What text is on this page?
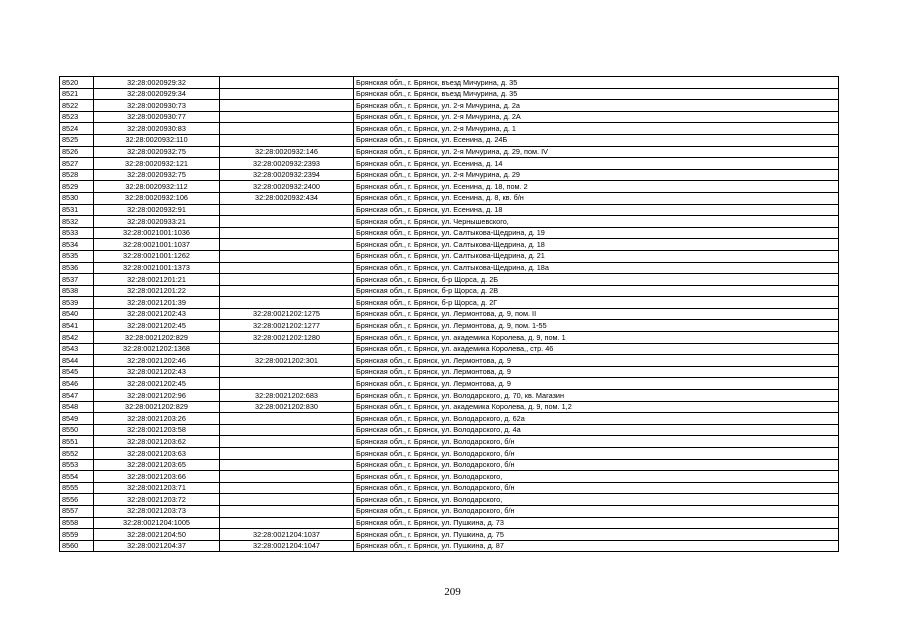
8520	32:28:0020929:32		Брянская обл., г. Брянск, въезд Мичурина, д. 35
8521	32:28:0020929:34		Брянская обл., г. Брянск, въезд Мичурина, д. 35
8522	32:28:0020930:73		Брянская обл., г. Брянск, ул. 2-я Мичурина, д. 2а
8523	32:28:0020930:77		Брянская обл., г. Брянск, ул. 2-я Мичурина, д. 2А
8524	32:28:0020930:83		Брянская обл., г. Брянск, ул. 2-я Мичурина, д. 1
8525	32:28:0020932:110		Брянская обл., г. Брянск, ул. Есенина, д. 24Б
8526	32:28:0020932:75	32:28:0020932:146	Брянская обл., г. Брянск, ул. 2-я Мичурина, д. 29, пом. IV
8527	32:28:0020932:121	32:28:0020932:2393	Брянская обл., г. Брянск, ул. Есенина, д. 14
8528	32:28:0020932:75	32:28:0020932:2394	Брянская обл., г. Брянск, ул. 2-я Мичурина, д. 29
8529	32:28:0020932:112	32:28:0020932:2400	Брянская обл., г. Брянск, ул. Есенина, д. 18, пом. 2
8530	32:28:0020932:106	32:28:0020932:434	Брянская обл., г. Брянск, ул. Есенина, д. 8, кв. б/н
8531	32:28:0020932:91		Брянская обл., г. Брянск, ул. Есенина, д. 18
8532	32:28:0020933:21		Брянская обл., г. Брянск, ул. Чернышевского,
8533	32:28:0021001:1036		Брянская обл., г. Брянск, ул. Салтыкова-Щедрина, д. 19
8534	32:28:0021001:1037		Брянская обл., г. Брянск, ул. Салтыкова-Щедрина, д. 18
8535	32:28:0021001:1262		Брянская обл., г. Брянск, ул. Салтыкова-Щедрина, д. 21
8536	32:28:0021001:1373		Брянская обл., г. Брянск, ул. Салтыкова-Щедрина, д. 18а
8537	32:28:0021201:21		Брянская обл., г. Брянск, б-р Щорса, д. 2Б
8538	32:28:0021201:22		Брянская обл., г. Брянск, б-р Щорса, д. 2В
8539	32:28:0021201:39		Брянская обл., г. Брянск, б-р Щорса, д. 2Г
8540	32:28:0021202:43	32:28:0021202:1275	Брянская обл., г. Брянск, ул. Лермонтова, д. 9, пом. II
8541	32:28:0021202:45	32:28:0021202:1277	Брянская обл., г. Брянск, ул. Лермонтова, д. 9, пом. 1-55
8542	32:28:0021202:829	32:28:0021202:1280	Брянская обл., г. Брянск, ул. академика Королева, д. 9, пом. 1
8543	32:28:0021202:1368		Брянская обл., г. Брянск, ул. академика Королева,, стр. 46
8544	32:28:0021202:46	32:28:0021202:301	Брянская обл., г. Брянск, ул. Лермонтова, д. 9
8545	32:28:0021202:43		Брянская обл., г. Брянск, ул. Лермонтова, д. 9
8546	32:28:0021202:45		Брянская обл., г. Брянск, ул. Лермонтова, д. 9
8547	32:28:0021202:96	32:28:0021202:683	Брянская обл., г. Брянск, ул. Володарского, д. 70, кв. Магазин
8548	32:28:0021202:829	32:28:0021202:830	Брянская обл., г. Брянск, ул. академика Королева, д. 9, пом. 1,2
8549	32:28:0021203:26		Брянская обл., г. Брянск, ул. Володарского, д. 62а
8550	32:28:0021203:58		Брянская обл., г. Брянск, ул. Володарского, д. 4а
8551	32:28:0021203:62		Брянская обл., г. Брянск, ул. Володарского, б/н
8552	32:28:0021203:63		Брянская обл., г. Брянск, ул. Володарского, б/н
8553	32:28:0021203:65		Брянская обл., г. Брянск, ул. Володарского, б/н
8554	32:28:0021203:66		Брянская обл., г. Брянск, ул. Володарского,
8555	32:28:0021203:71		Брянская обл., г. Брянск, ул. Володарского, б/н
8556	32:28:0021203:72		Брянская обл., г. Брянск, ул. Володарского,
8557	32:28:0021203:73		Брянская обл., г. Брянск, ул. Володарского, б/н
8558	32:28:0021204:1005		Брянская обл., г. Брянск, ул. Пушкина, д. 73
8559	32:28:0021204:50	32:28:0021204:1037	Брянская обл., г. Брянск, ул. Пушкина, д. 75
8560	32:28:0021204:37	32:28:0021204:1047	Брянская обл., г. Брянск, ул. Пушкина, д. 87
209
